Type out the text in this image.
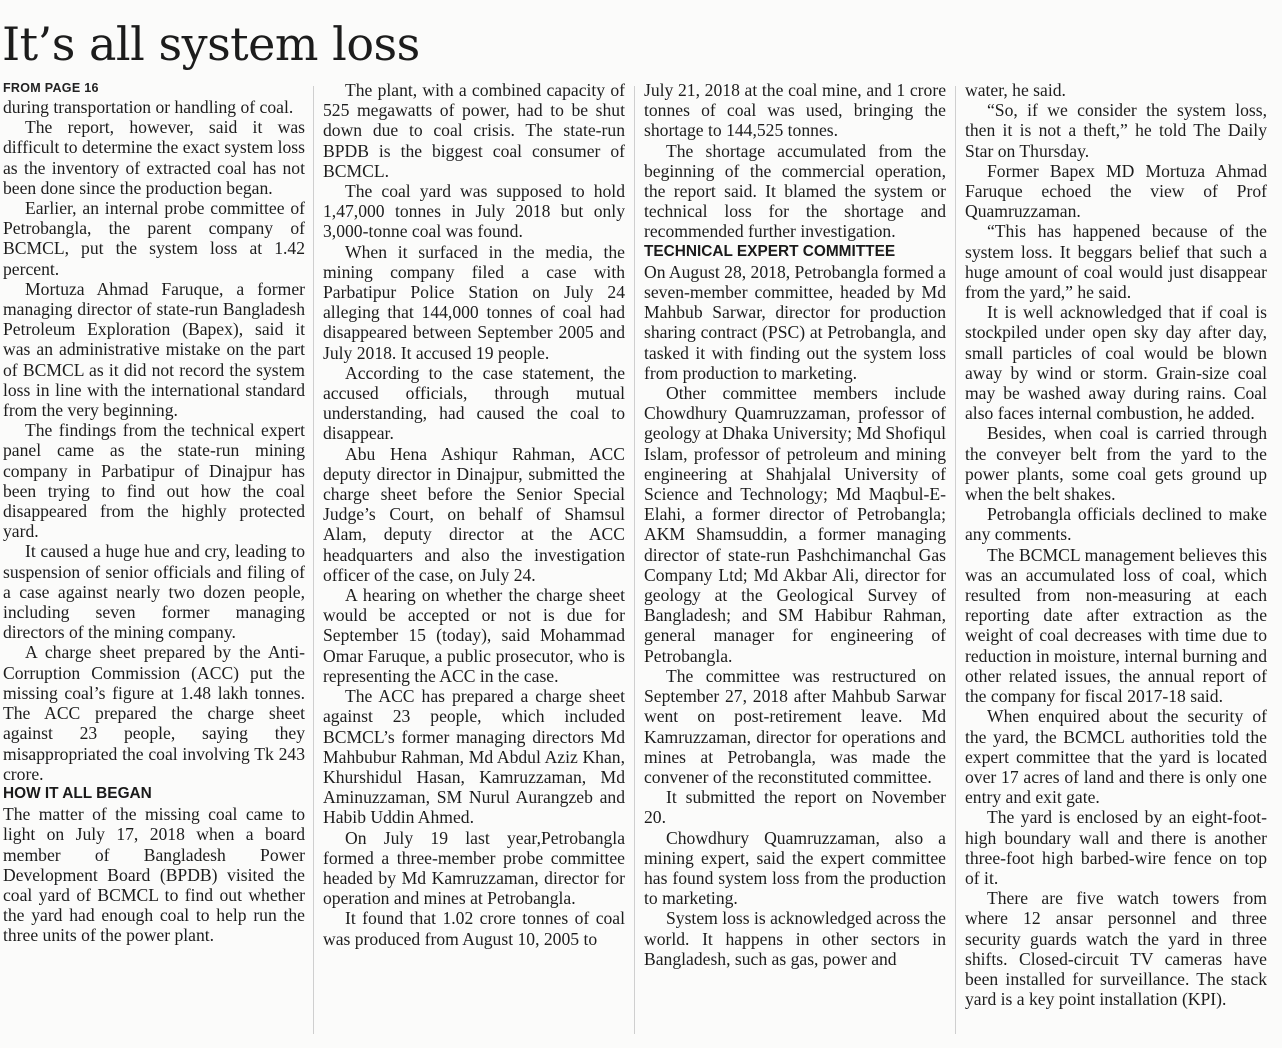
It’s all system loss
FROM PAGE 16

during transportation or handling of coal.

The report, however, said it was difficult to determine the exact system loss as the inventory of extracted coal has not been done since the production began.

Earlier, an internal probe committee of Petrobangla, the parent company of BCMCL, put the system loss at 1.42 percent.

Mortuza Ahmad Faruque, a former managing director of state-run Bangladesh Petroleum Exploration (Bapex), said it was an administrative mistake on the part of BCMCL as it did not record the system loss in line with the international standard from the very beginning.

The findings from the technical expert panel came as the state-run mining company in Parbatipur of Dinajpur has been trying to find out how the coal disappeared from the highly protected yard.

It caused a huge hue and cry, leading to suspension of senior officials and filing of a case against nearly two dozen people, including seven former managing directors of the mining company.

A charge sheet prepared by the Anti-Corruption Commission (ACC) put the missing coal’s figure at 1.48 lakh tonnes. The ACC prepared the charge sheet against 23 people, saying they misappropriated the coal involving Tk 243 crore.

HOW IT ALL BEGAN

The matter of the missing coal came to light on July 17, 2018 when a board member of Bangladesh Power Development Board (BPDB) visited the coal yard of BCMCL to find out whether the yard had enough coal to help run the three units of the power plant.

The plant, with a combined capacity of 525 megawatts of power, had to be shut down due to coal crisis. The state-run BPDB is the biggest coal consumer of BCMCL.

The coal yard was supposed to hold 1,47,000 tonnes in July 2018 but only 3,000-tonne coal was found.

When it surfaced in the media, the mining company filed a case with Parbatipur Police Station on July 24 alleging that 144,000 tonnes of coal had disappeared between September 2005 and July 2018. It accused 19 people.

According to the case statement, the accused officials, through mutual understanding, had caused the coal to disappear.

Abu Hena Ashiqur Rahman, ACC deputy director in Dinajpur, submitted the charge sheet before the Senior Special Judge’s Court, on behalf of Shamsul Alam, deputy director at the ACC headquarters and also the investigation officer of the case, on July 24.

A hearing on whether the charge sheet would be accepted or not is due for September 15 (today), said Mohammad Omar Faruque, a public prosecutor, who is representing the ACC in the case.

The ACC has prepared a charge sheet against 23 people, which included BCMCL’s former managing directors Md Mahbubur Rahman, Md Abdul Aziz Khan, Khurshidul Hasan, Kamruzzaman, Md Aminuzzaman, SM Nurul Aurangzeb and Habib Uddin Ahmed.

On July 19 last year,Petrobangla formed a three-member probe committee headed by Md Kamruzzaman, director for operation and mines at Petrobangla.

It found that 1.02 crore tonnes of coal was produced from August 10, 2005 to

July 21, 2018 at the coal mine, and 1 crore tonnes of coal was used, bringing the shortage to 144,525 tonnes.

The shortage accumulated from the beginning of the commercial operation, the report said. It blamed the system or technical loss for the shortage and recommended further investigation.

TECHNICAL EXPERT COMMITTEE

On August 28, 2018, Petrobangla formed a seven-member committee, headed by Md Mahbub Sarwar, director for production sharing contract (PSC) at Petrobangla, and tasked it with finding out the system loss from production to marketing.

Other committee members include Chowdhury Quamruzzaman, professor of geology at Dhaka University; Md Shofiqul Islam, professor of petroleum and mining engineering at Shahjalal University of Science and Technology; Md Maqbul-E-Elahi, a former director of Petrobangla; AKM Shamsuddin, a former managing director of state-run Pashchimanchal Gas Company Ltd; Md Akbar Ali, director for geology at the Geological Survey of Bangladesh; and SM Habibur Rahman, general manager for engineering of Petrobangla.

The committee was restructured on September 27, 2018 after Mahbub Sarwar went on post-retirement leave. Md Kamruzzaman, director for operations and mines at Petrobangla, was made the convener of the reconstituted committee.

It submitted the report on November 20.

Chowdhury Quamruzzaman, also a mining expert, said the expert committee has found system loss from the production to marketing.

System loss is acknowledged across the world. It happens in other sectors in Bangladesh, such as gas, power and

water, he said.

“So, if we consider the system loss, then it is not a theft,” he told The Daily Star on Thursday.

Former Bapex MD Mortuza Ahmad Faruque echoed the view of Prof Quamruzzaman.

“This has happened because of the system loss. It beggars belief that such a huge amount of coal would just disappear from the yard,” he said.

It is well acknowledged that if coal is stockpiled under open sky day after day, small particles of coal would be blown away by wind or storm. Grain-size coal may be washed away during rains. Coal also faces internal combustion, he added.

Besides, when coal is carried through the conveyer belt from the yard to the power plants, some coal gets ground up when the belt shakes.

Petrobangla officials declined to make any comments.

The BCMCL management believes this was an accumulated loss of coal, which resulted from non-measuring at each reporting date after extraction as the weight of coal decreases with time due to reduction in moisture, internal burning and other related issues, the annual report of the company for fiscal 2017-18 said.

When enquired about the security of the yard, the BCMCL authorities told the expert committee that the yard is located over 17 acres of land and there is only one entry and exit gate.

The yard is enclosed by an eight-foot-high boundary wall and there is another three-foot high barbed-wire fence on top of it.

There are five watch towers from where 12 ansar personnel and three security guards watch the yard in three shifts. Closed-circuit TV cameras have been installed for surveillance. The stack yard is a key point installation (KPI).
